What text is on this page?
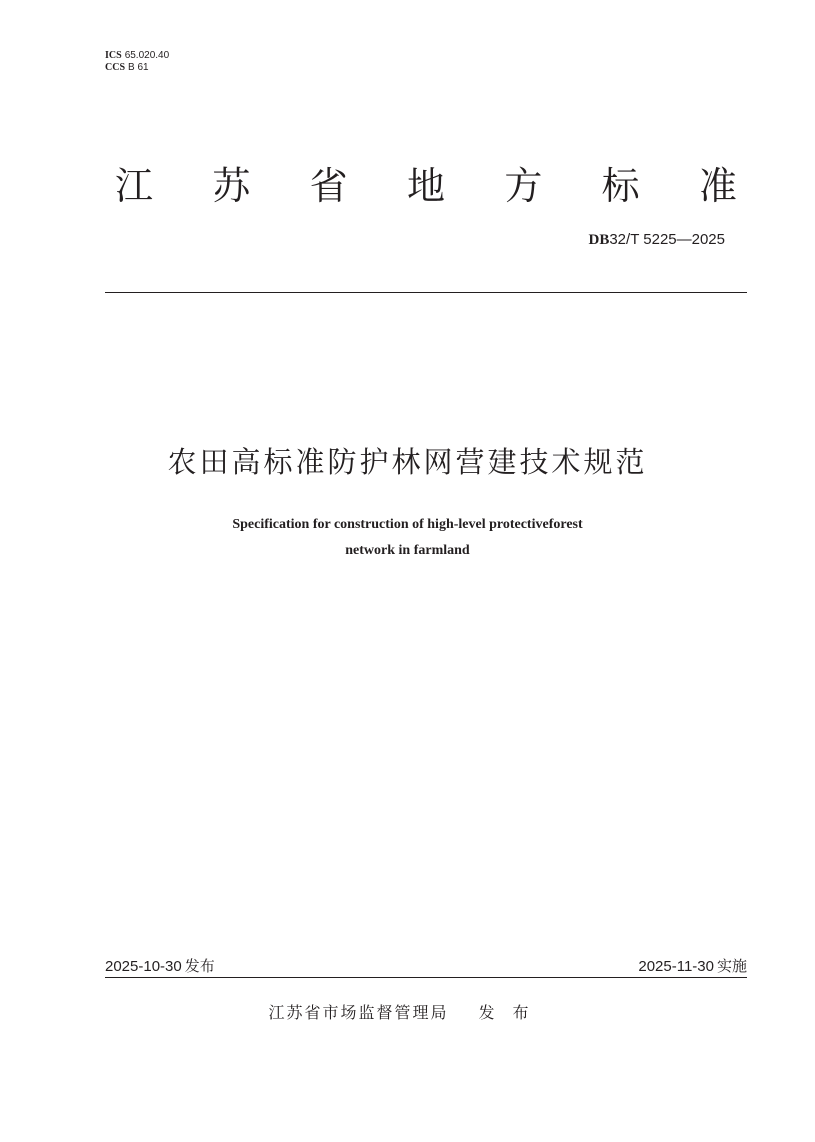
ICS 65.020.40
CCS B 61
江 苏 省 地 方 标 准
DB32/T 5225—2025
农田高标准防护林网营建技术规范
Specification for construction of high-level protectiveforest
network in farmland
2025-10-30 发布	2025-11-30 实施
江苏省市场监督管理局 发布
